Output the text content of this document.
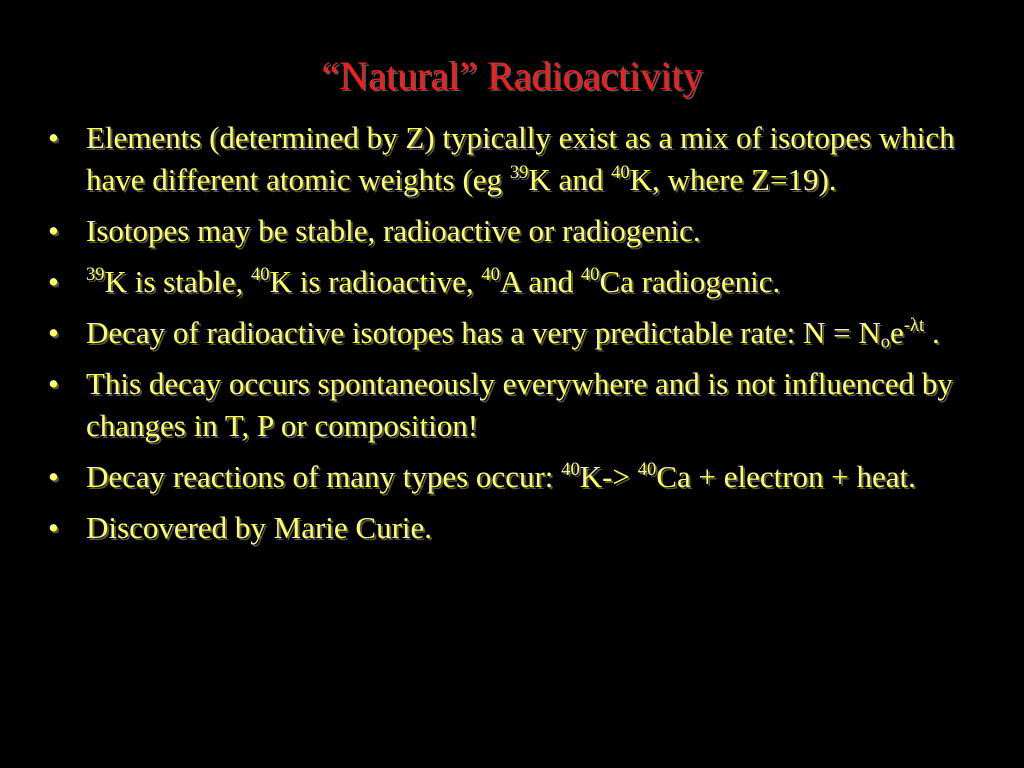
“Natural” Radioactivity
• Elements (determined by Z) typically exist as a mix of isotopes which have different atomic weights (eg $^{39}$K and $^{40}$K, where Z=19).
• Isotopes may be stable, radioactive or radiogenic.
• $^{39}$K is stable, $^{40}$K is radioactive, $^{40}$A and $^{40}$Ca radiogenic.
• Decay of radioactive isotopes has a very predictable rate: $N = N_oe^{-\lambda t}$ .
• This decay occurs spontaneously everywhere and is not influenced by changes in T, P or composition!
• Decay reactions of many types occur: $^{40}$K-> $^{40}$Ca + electron + heat.
• Discovered by Marie Curie.
